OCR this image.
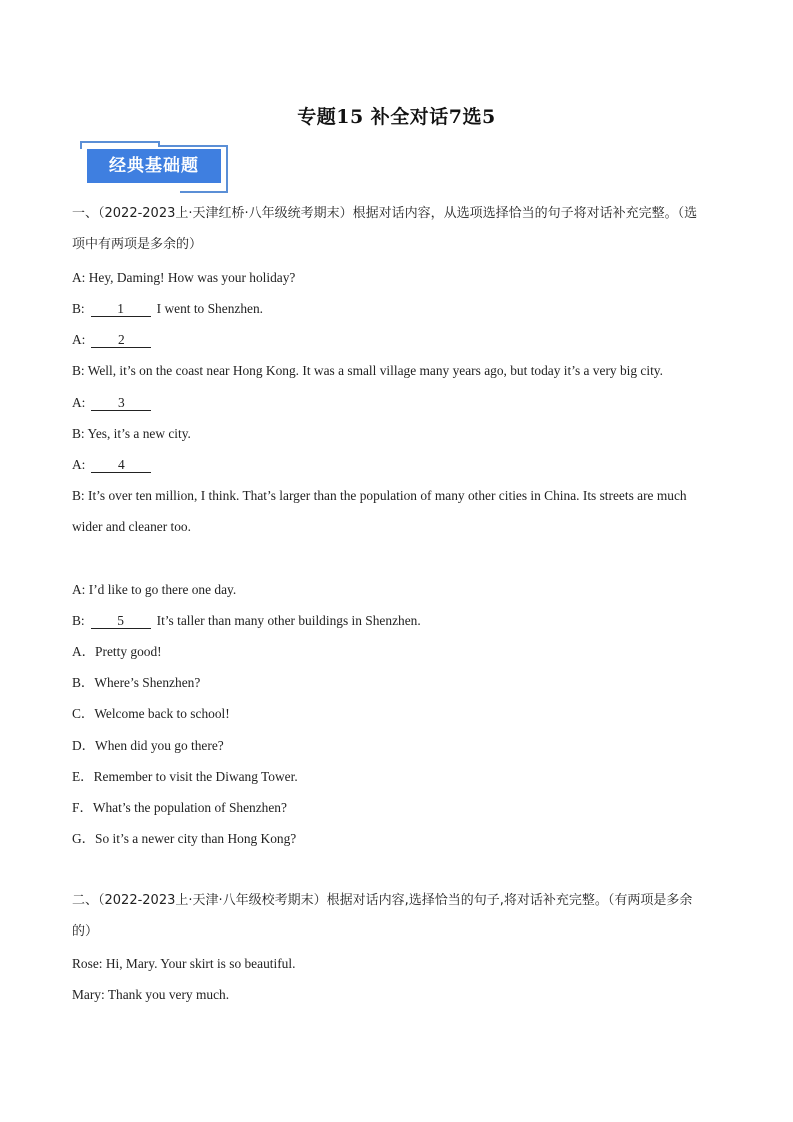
专题15 补全对话7选5
经典基础题
一、（2022-2023上·天津红桥·八年级统考期末）根据对话内容，从选项选择恰当的句子将对话补充完整。（选
项中有两项是多余的）
A: Hey, Daming! How was your holiday?
B: 1 I went to Shenzhen.
A: 2
B: Well, it’s on the coast near Hong Kong. It was a small village many years ago, but today it’s a very big city.
A: 3
B: Yes, it’s a new city.
A: 4
B: It’s over ten million, I think. That’s larger than the population of many other cities in China. Its streets are much
wider and cleaner too.
A: I’d like to go there one day.
B: 5 It’s taller than many other buildings in Shenzhen.
A．Pretty good!
B．Where’s Shenzhen?
C．Welcome back to school!
D．When did you go there?
E．Remember to visit the Diwang Tower.
F．What’s the population of Shenzhen?
G．So it’s a newer city than Hong Kong?
二、（2022-2023上·天津·八年级校考期末）根据对话内容,选择恰当的句子,将对话补充完整。（有两项是多余
的）
Rose: Hi, Mary. Your skirt is so beautiful.
Mary: Thank you very much.
